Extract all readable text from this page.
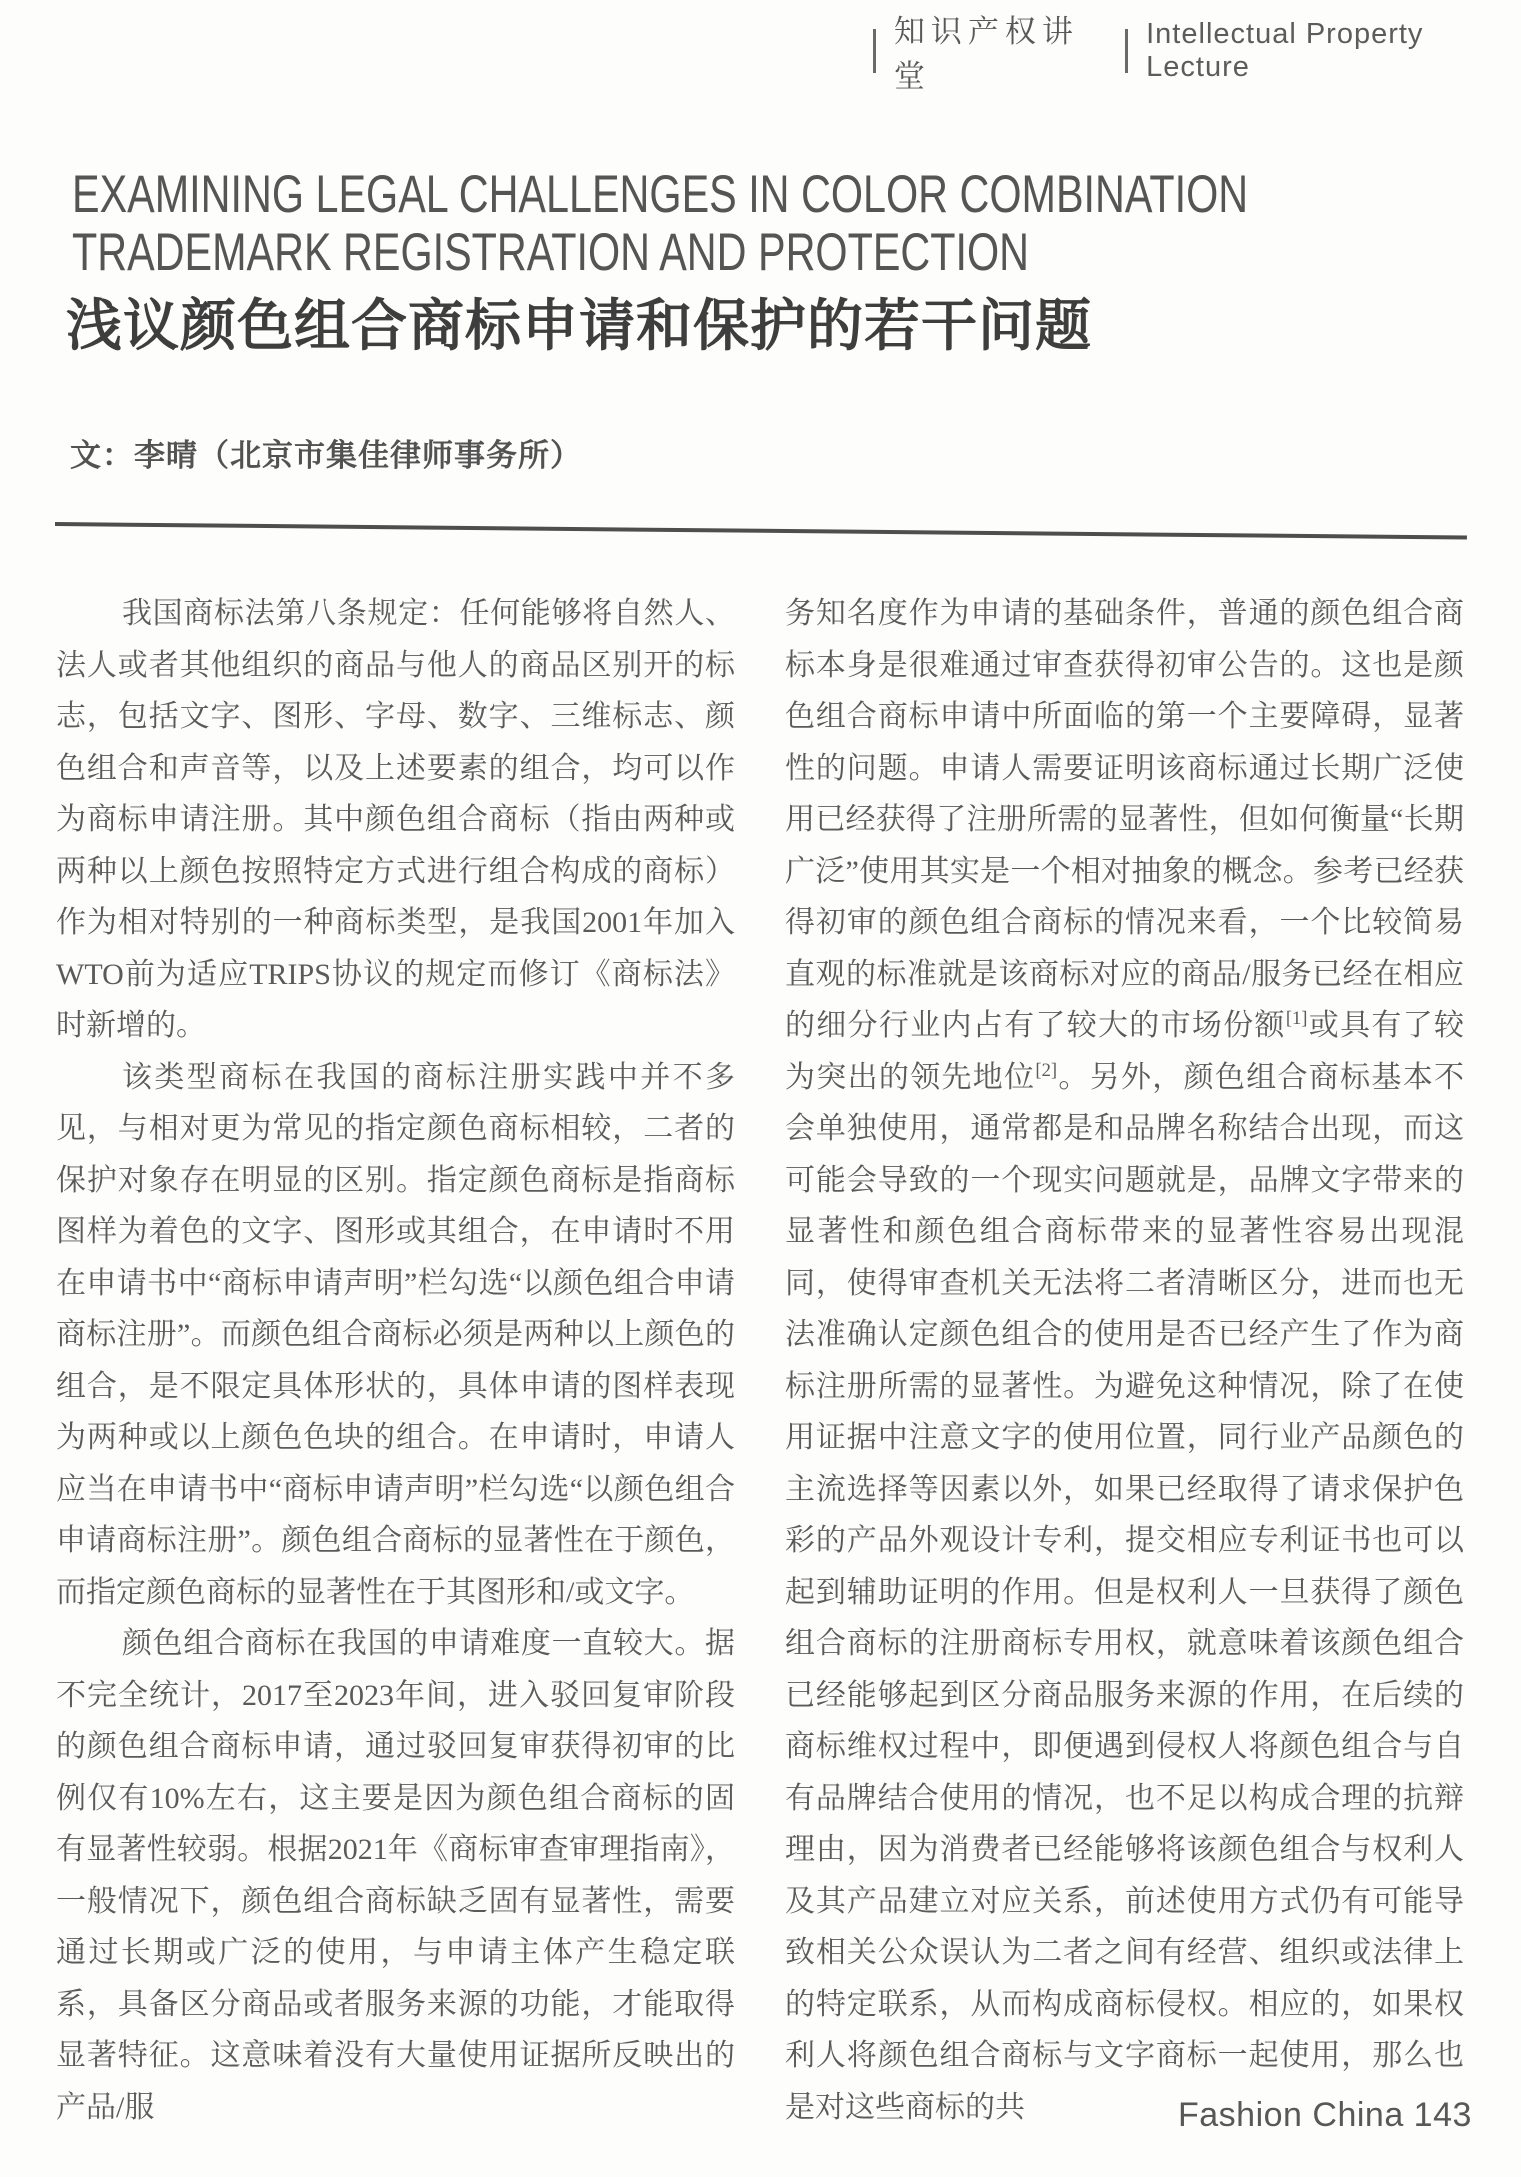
知识产权讲堂
Intellectual Property Lecture
EXAMINING LEGAL CHALLENGES IN COLOR COMBINATION
TRADEMARK REGISTRATION AND PROTECTION
浅议颜色组合商标申请和保护的若干问题
文：李晴（北京市集佳律师事务所）

我国商标法第八条规定：任何能够将自然人、法人或者其他组织的商品与他人的商品区别开的标志，包括文字、图形、字母、数字、三维标志、颜色组合和声音等，以及上述要素的组合，均可以作为商标申请注册。其中颜色组合商标（指由两种或两种以上颜色按照特定方式进行组合构成的商标）作为相对特别的一种商标类型，是我国2001年加入WTO前为适应TRIPS协议的规定而修订《商标法》时新增的。

该类型商标在我国的商标注册实践中并不多见，与相对更为常见的指定颜色商标相较，二者的保护对象存在明显的区别。指定颜色商标是指商标图样为着色的文字、图形或其组合，在申请时不用在申请书中“商标申请声明”栏勾选“以颜色组合申请商标注册”。而颜色组合商标必须是两种以上颜色的组合，是不限定具体形状的，具体申请的图样表现为两种或以上颜色色块的组合。在申请时，申请人应当在申请书中“商标申请声明”栏勾选“以颜色组合申请商标注册”。颜色组合商标的显著性在于颜色，而指定颜色商标的显著性在于其图形和/或文字。

颜色组合商标在我国的申请难度一直较大。据不完全统计，2017至2023年间，进入驳回复审阶段的颜色组合商标申请，通过驳回复审获得初审的比例仅有10%左右，这主要是因为颜色组合商标的固有显著性较弱。根据2021年《商标审查审理指南》，一般情况下，颜色组合商标缺乏固有显著性，需要通过长期或广泛的使用，与申请主体产生稳定联系，具备区分商品或者服务来源的功能，才能取得显著特征。这意味着没有大量使用证据所反映出的产品/服

务知名度作为申请的基础条件，普通的颜色组合商标本身是很难通过审查获得初审公告的。这也是颜色组合商标申请中所面临的第一个主要障碍，显著性的问题。申请人需要证明该商标通过长期广泛使用已经获得了注册所需的显著性，但如何衡量“长期广泛”使用其实是一个相对抽象的概念。参考已经获得初审的颜色组合商标的情况来看，一个比较简易直观的标准就是该商标对应的商品/服务已经在相应的细分行业内占有了较大的市场份额[1]或具有了较为突出的领先地位[2]。另外，颜色组合商标基本不会单独使用，通常都是和品牌名称结合出现，而这可能会导致的一个现实问题就是，品牌文字带来的显著性和颜色组合商标带来的显著性容易出现混同，使得审查机关无法将二者清晰区分，进而也无法准确认定颜色组合的使用是否已经产生了作为商标注册所需的显著性。为避免这种情况，除了在使用证据中注意文字的使用位置，同行业产品颜色的主流选择等因素以外，如果已经取得了请求保护色彩的产品外观设计专利，提交相应专利证书也可以起到辅助证明的作用。但是权利人一旦获得了颜色组合商标的注册商标专用权，就意味着该颜色组合已经能够起到区分商品服务来源的作用，在后续的商标维权过程中，即便遇到侵权人将颜色组合与自有品牌结合使用的情况，也不足以构成合理的抗辩理由，因为消费者已经能够将该颜色组合与权利人及其产品建立对应关系，前述使用方式仍有可能导致相关公众误认为二者之间有经营、组织或法律上的特定联系，从而构成商标侵权。相应的，如果权利人将颜色组合商标与文字商标一起使用，那么也是对这些商标的共	Fashion China 143
